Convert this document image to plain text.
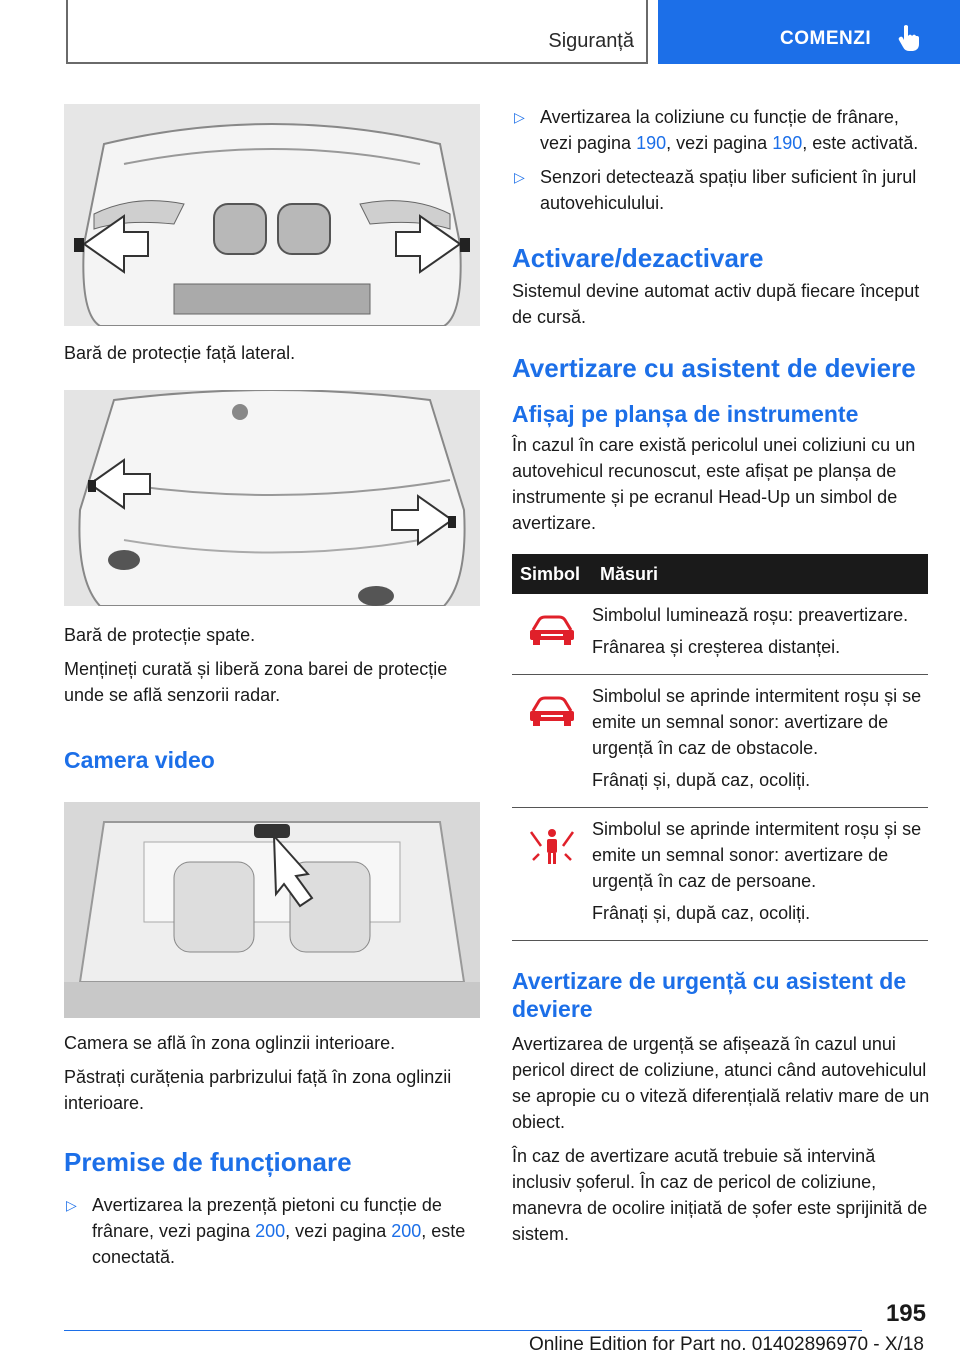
Siguranță	COMENZI

Bară de protecție față lateral.

Bară de protecție spate.

Mențineți curată și liberă zona barei de protecție unde se află senzorii radar.

Camera video

Camera se află în zona oglinzii interioare.

Păstrați curățenia parbrizului față în zona oglinzii interioare.

Premise de funcționare
▷ Avertizarea la prezență pietoni cu funcție de frânare, vezi pagina 200, vezi pagina 200, este conectată.
▷ Avertizarea la coliziune cu funcție de frânare, vezi pagina 190, vezi pagina 190, este activată.
▷ Senzori detectează spațiu liber suficient în jurul autovehiculului.
Activare/dezactivare

Sistemul devine automat activ după fiecare început de cursă.

Avertizare cu asistent de deviere
Afișaj pe planșa de instrumente

În cazul în care există pericolul unei coliziuni cu un autovehicul recunoscut, este afișat pe planșa de instrumente și pe ecranul Head-Up un simbol de avertizare.

Simbol	Măsuri

Simbolul luminează roșu: preavertizare.

Frânarea și creșterea distanței.

Simbolul se aprinde intermitent roșu și se emite un semnal sonor: avertizare de urgență în caz de obstacole.

Frânați și, după caz, ocoliți.

Simbolul se aprinde intermitent roșu și se emite un semnal sonor: avertizare de urgență în caz de persoane.

Frânați și, după caz, ocoliți.

Avertizare de urgență cu asistent de deviere

Avertizarea de urgență se afișează în cazul unui pericol direct de coliziune, atunci când autovehiculul se apropie cu o viteză diferențială relativ mare de un obiect.

În caz de avertizare acută trebuie să intervină inclusiv șoferul. În caz de pericol de coliziune, manevra de ocolire inițiată de șofer este sprijinită de sistem.

195
Online Edition for Part no. 01402896970 - X/18
